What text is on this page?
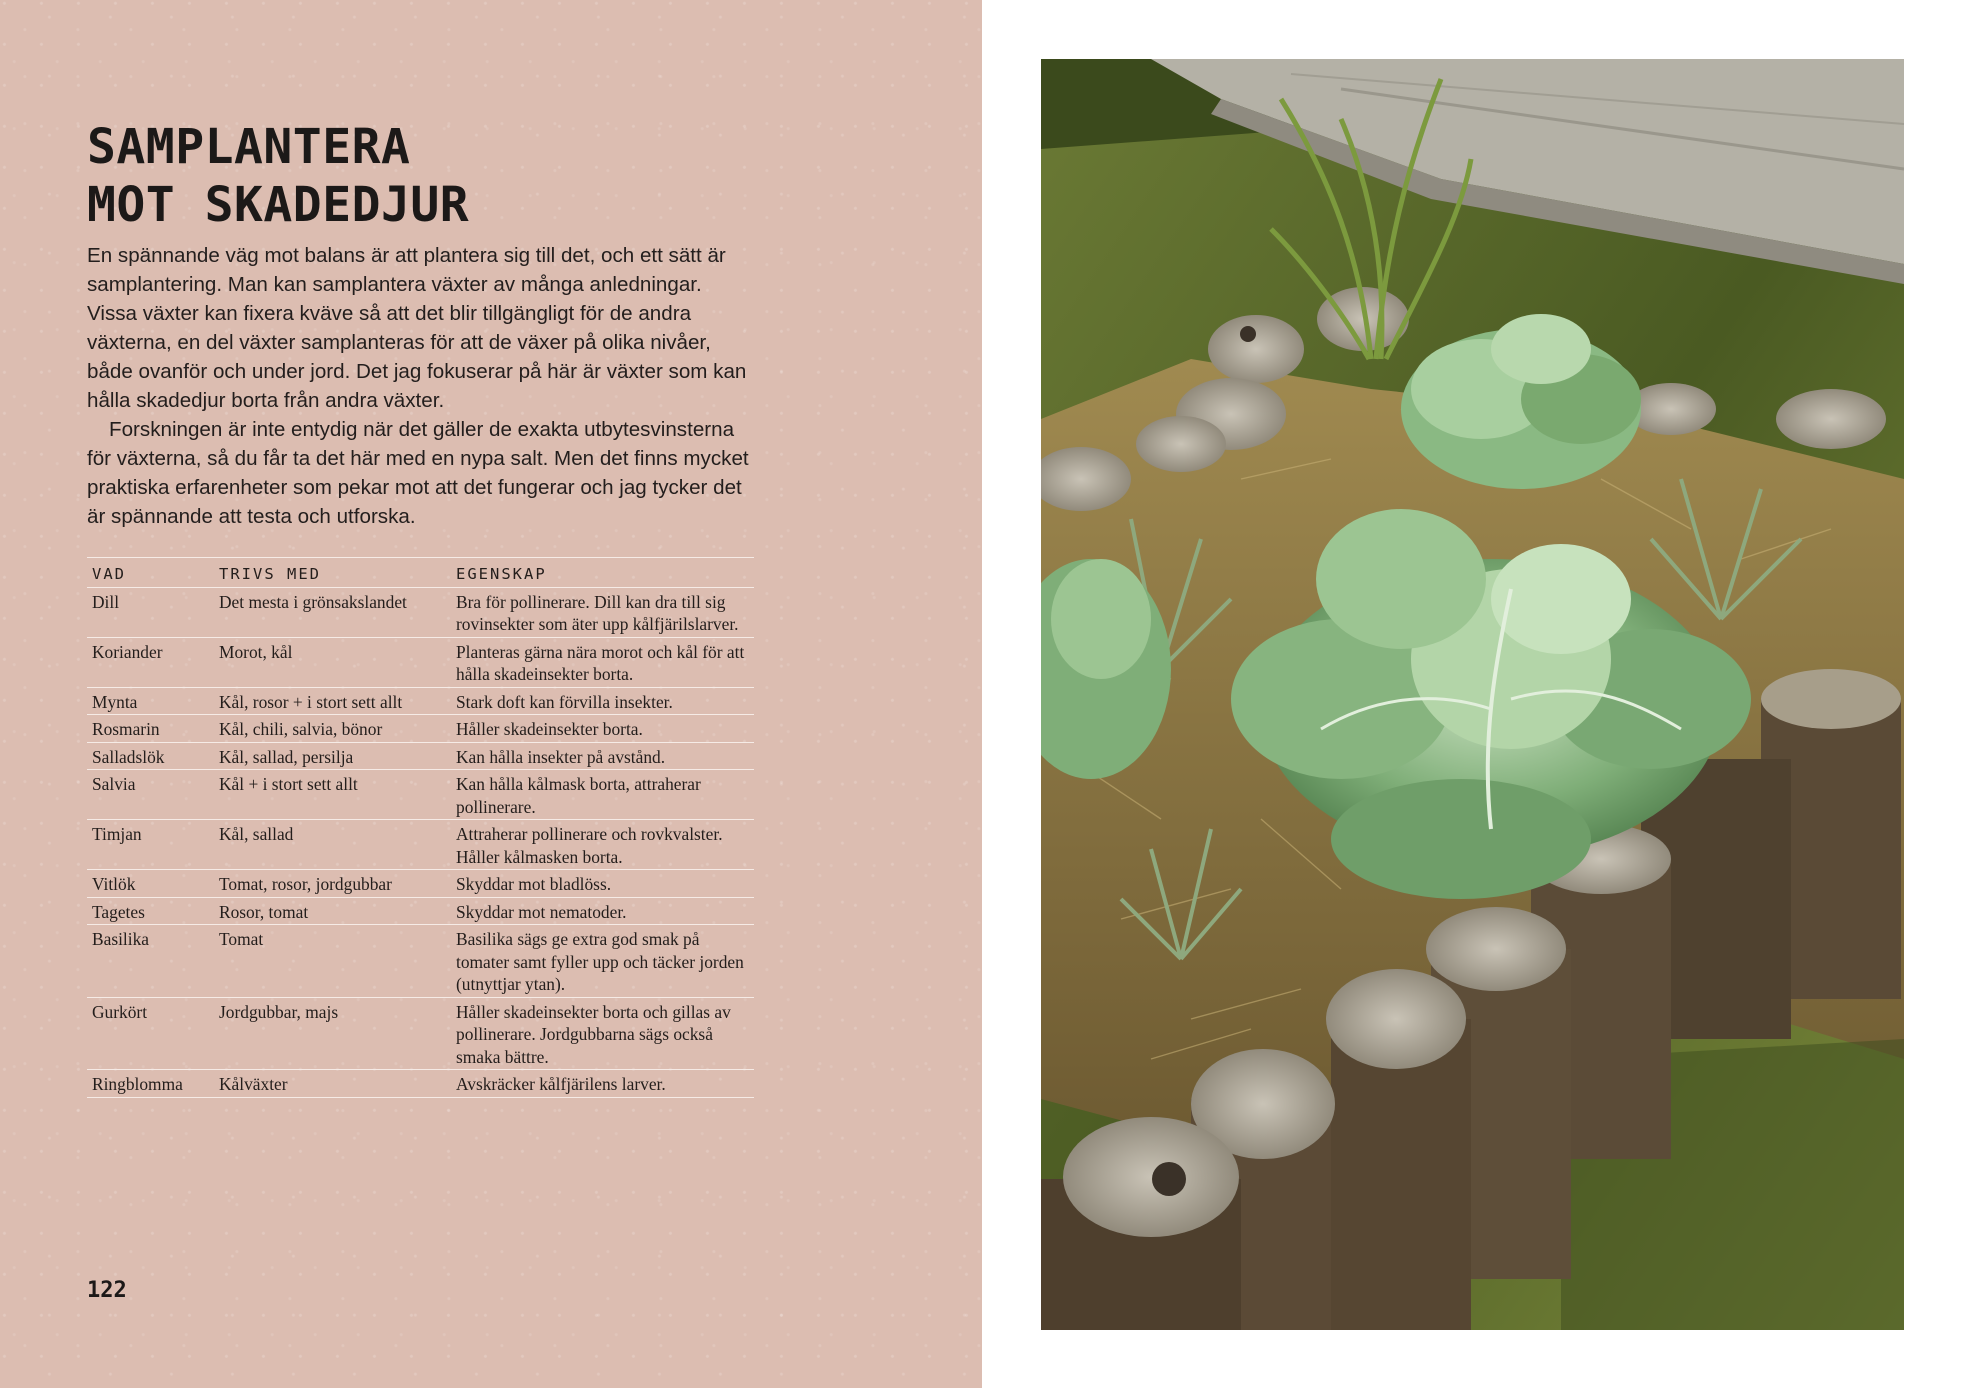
SAMPLANTERA
MOT SKADEDJUR

En spännande väg mot balans är att plantera sig till det, och ett sätt är samplantering. Man kan samplantera växter av många anledningar. Vissa växter kan fixera kväve så att det blir tillgängligt för de andra växterna, en del växter samplanteras för att de växer på olika nivåer, både ovanför och under jord. Det jag fokuserar på här är växter som kan hålla skadedjur borta från andra växter.

Forskningen är inte entydig när det gäller de exakta utbytesvinsterna för växterna, så du får ta det här med en nypa salt. Men det finns mycket praktiska erfarenheter som pekar mot att det fungerar och jag tycker det är spännande att testa och utforska.

VAD	TRIVS MED	EGENSKAP
Dill	Det mesta i grönsakslandet	Bra för pollinerare. Dill kan dra till sig rovinsekter som äter upp kålfjärilslarver.
Koriander	Morot, kål	Planteras gärna nära morot och kål för att hålla skadeinsekter borta.
Mynta	Kål, rosor + i stort sett allt	Stark doft kan förvilla insekter.
Rosmarin	Kål, chili, salvia, bönor	Håller skadeinsekter borta.
Salladslök	Kål, sallad, persilja	Kan hålla insekter på avstånd.
Salvia	Kål + i stort sett allt	Kan hålla kålmask borta, attraherar pollinerare.
Timjan	Kål, sallad	Attraherar pollinerare och rovkvalster. Håller kålmasken borta.
Vitlök	Tomat, rosor, jordgubbar	Skyddar mot bladlöss.
Tagetes	Rosor, tomat	Skyddar mot nematoder.
Basilika	Tomat	Basilika sägs ge extra god smak på tomater samt fyller upp och täcker jorden (utnyttjar ytan).
Gurkört	Jordgubbar, majs	Håller skadeinsekter borta och gillas av pollinerare. Jordgubbarna sägs också smaka bättre.
Ringblomma	Kålväxter	Avskräcker kålfjärilens larver.
122
